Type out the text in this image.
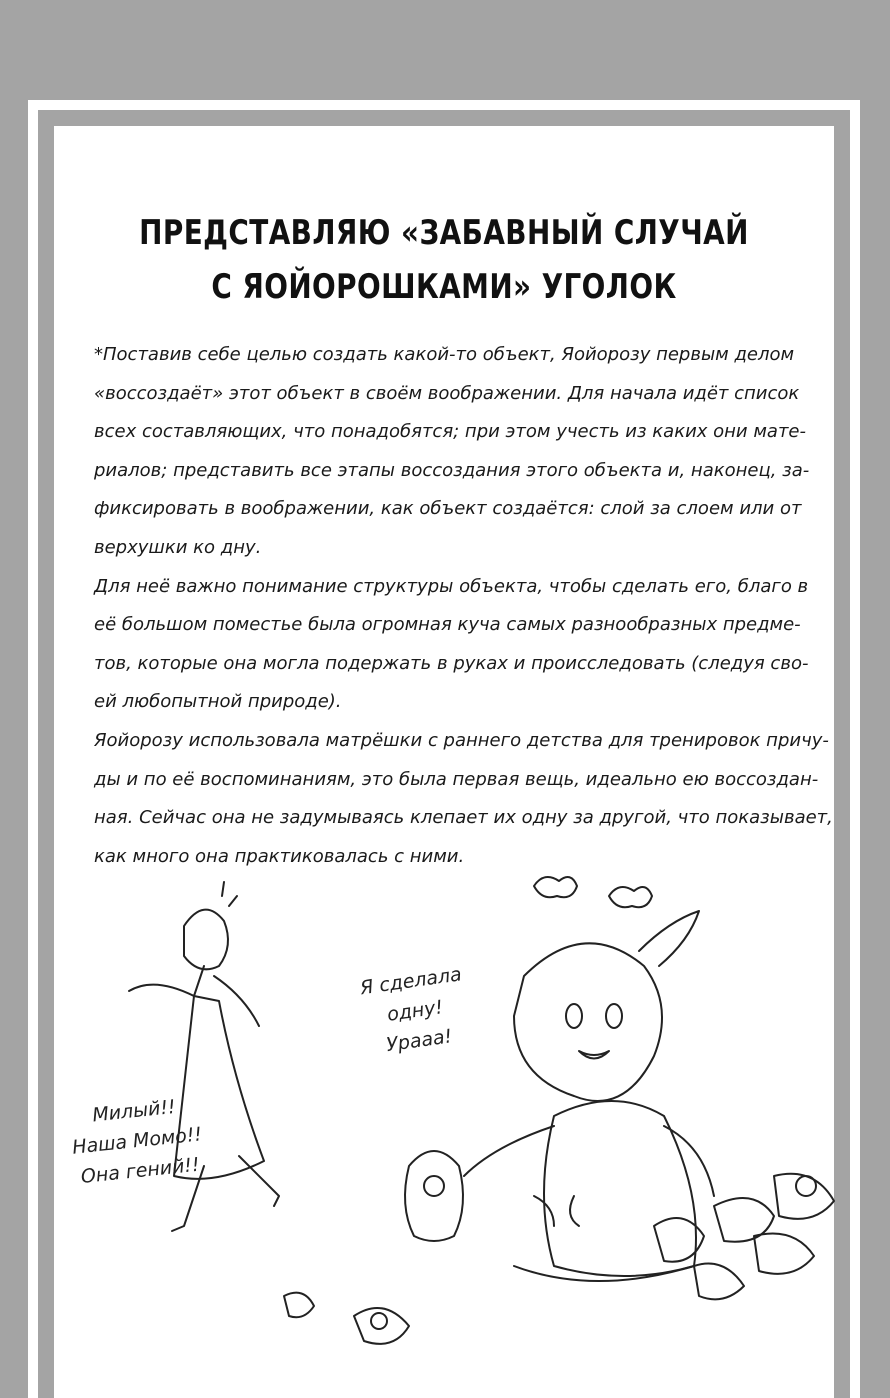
ПРЕДСТАВЛЯЮ «ЗАБАВНЫЙ СЛУЧАЙ
С ЯОЙОРОШКАМИ» УГОЛОК
*Поставив себе целью создать какой-то объект, Яойорозу первым делом
«воссоздаёт» этот объект в своём воображении. Для начала идёт список
всех составляющих, что понадобятся; при этом учесть из каких они мате-
риалов; представить все этапы воссоздания этого объекта и, наконец, за-
фиксировать в воображении, как объект создаётся: слой за слоем или от
верхушки ко дну.
Для неё важно понимание структуры объекта, чтобы сделать его, благо в
её большом поместье была огромная куча самых разнообразных предме-
тов, которые она могла подержать в руках и происследовать (следуя сво-
ей любопытной природе).
Яойорозу использовала матрёшки с раннего детства для тренировок причу-
ды и по её воспоминаниям, это была первая вещь, идеально ею воссоздан-
ная. Сейчас она не задумываясь клепает их одну за другой, что показывает,
как много она практиковалась с ними.
Милый!!
Наша Момо!!
Она гений!!
Я сделала
одну!
Урааа!
